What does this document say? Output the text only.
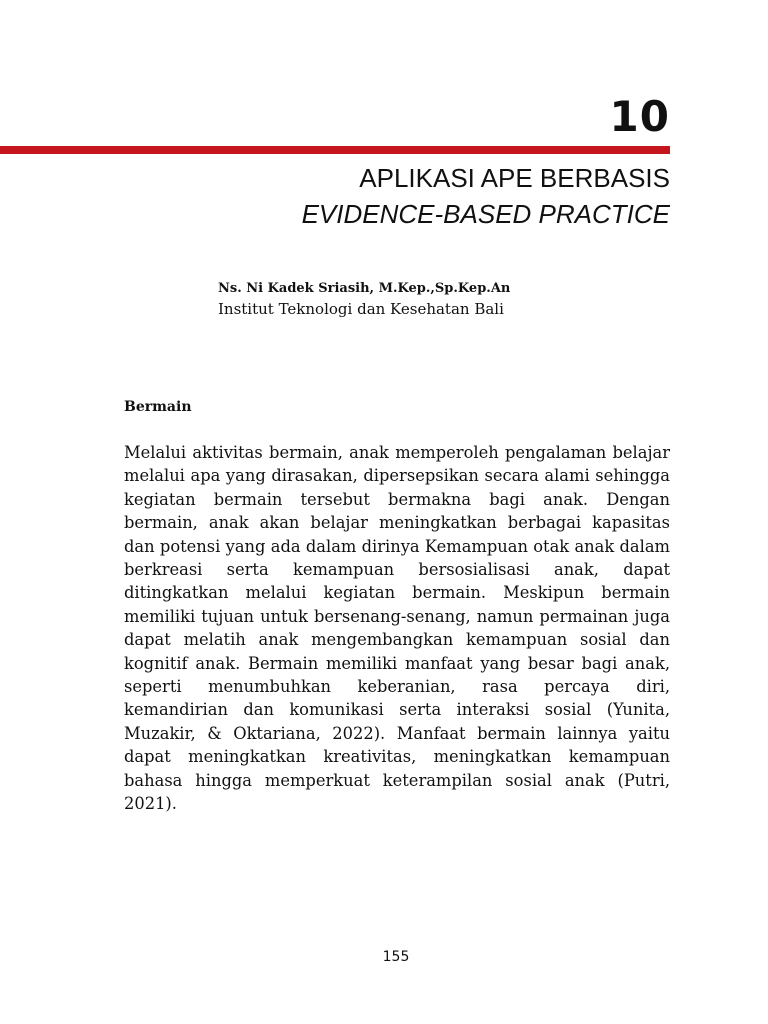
10
APLIKASI APE BERBASIS
EVIDENCE-BASED PRACTICE
Ns. Ni Kadek Sriasih, M.Kep.,Sp.Kep.An
Institut Teknologi dan Kesehatan Bali
Bermain

Melalui aktivitas bermain, anak memperoleh pengalaman belajar melalui apa yang dirasakan, dipersepsikan secara alami sehingga kegiatan bermain tersebut bermakna bagi anak. Dengan bermain, anak akan belajar meningkatkan berbagai kapasitas dan potensi yang ada dalam dirinya Kemampuan otak anak dalam berkreasi serta kemampuan bersosialisasi anak, dapat ditingkatkan melalui kegiatan bermain. Meskipun bermain memiliki tujuan untuk bersenang-senang, namun permainan juga dapat melatih anak mengembangkan kemampuan sosial dan kognitif anak. Bermain memiliki manfaat yang besar bagi anak, seperti menumbuhkan keberanian, rasa percaya diri, kemandirian dan komunikasi serta interaksi sosial (Yunita, Muzakir, & Oktariana, 2022). Manfaat bermain lainnya yaitu dapat meningkatkan kreativitas, meningkatkan kemampuan bahasa hingga memperkuat keterampilan sosial anak (Putri, 2021).

155
